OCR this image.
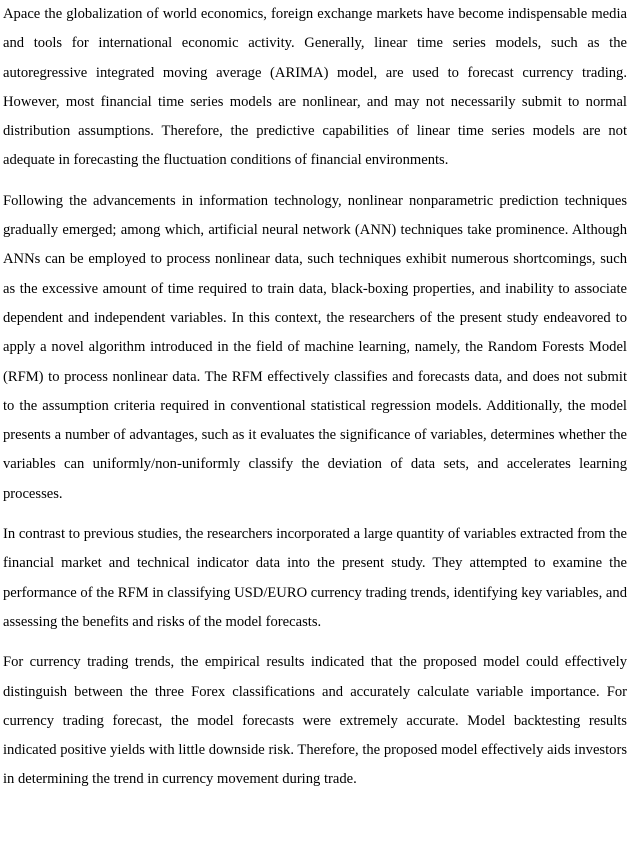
Apace the globalization of world economics, foreign exchange markets have become indispensable media and tools for international economic activity. Generally, linear time series models, such as the autoregressive integrated moving average (ARIMA) model, are used to forecast currency trading. However, most financial time series models are nonlinear, and may not necessarily submit to normal distribution assumptions. Therefore, the predictive capabilities of linear time series models are not adequate in forecasting the fluctuation conditions of financial environments.

Following the advancements in information technology, nonlinear nonparametric prediction techniques gradually emerged; among which, artificial neural network (ANN) techniques take prominence. Although ANNs can be employed to process nonlinear data, such techniques exhibit numerous shortcomings, such as the excessive amount of time required to train data, black-boxing properties, and inability to associate dependent and independent variables. In this context, the researchers of the present study endeavored to apply a novel algorithm introduced in the field of machine learning, namely, the Random Forests Model (RFM) to process nonlinear data. The RFM effectively classifies and forecasts data, and does not submit to the assumption criteria required in conventional statistical regression models. Additionally, the model presents a number of advantages, such as it evaluates the significance of variables, determines whether the variables can uniformly/non-uniformly classify the deviation of data sets, and accelerates learning processes.

In contrast to previous studies, the researchers incorporated a large quantity of variables extracted from the financial market and technical indicator data into the present study. They attempted to examine the performance of the RFM in classifying USD/EURO currency trading trends, identifying key variables, and assessing the benefits and risks of the model forecasts.

For currency trading trends, the empirical results indicated that the proposed model could effectively distinguish between the three Forex classifications and accurately calculate variable importance. For currency trading forecast, the model forecasts were extremely accurate. Model backtesting results indicated positive yields with little downside risk. Therefore, the proposed model effectively aids investors in determining the trend in currency movement during trade.
